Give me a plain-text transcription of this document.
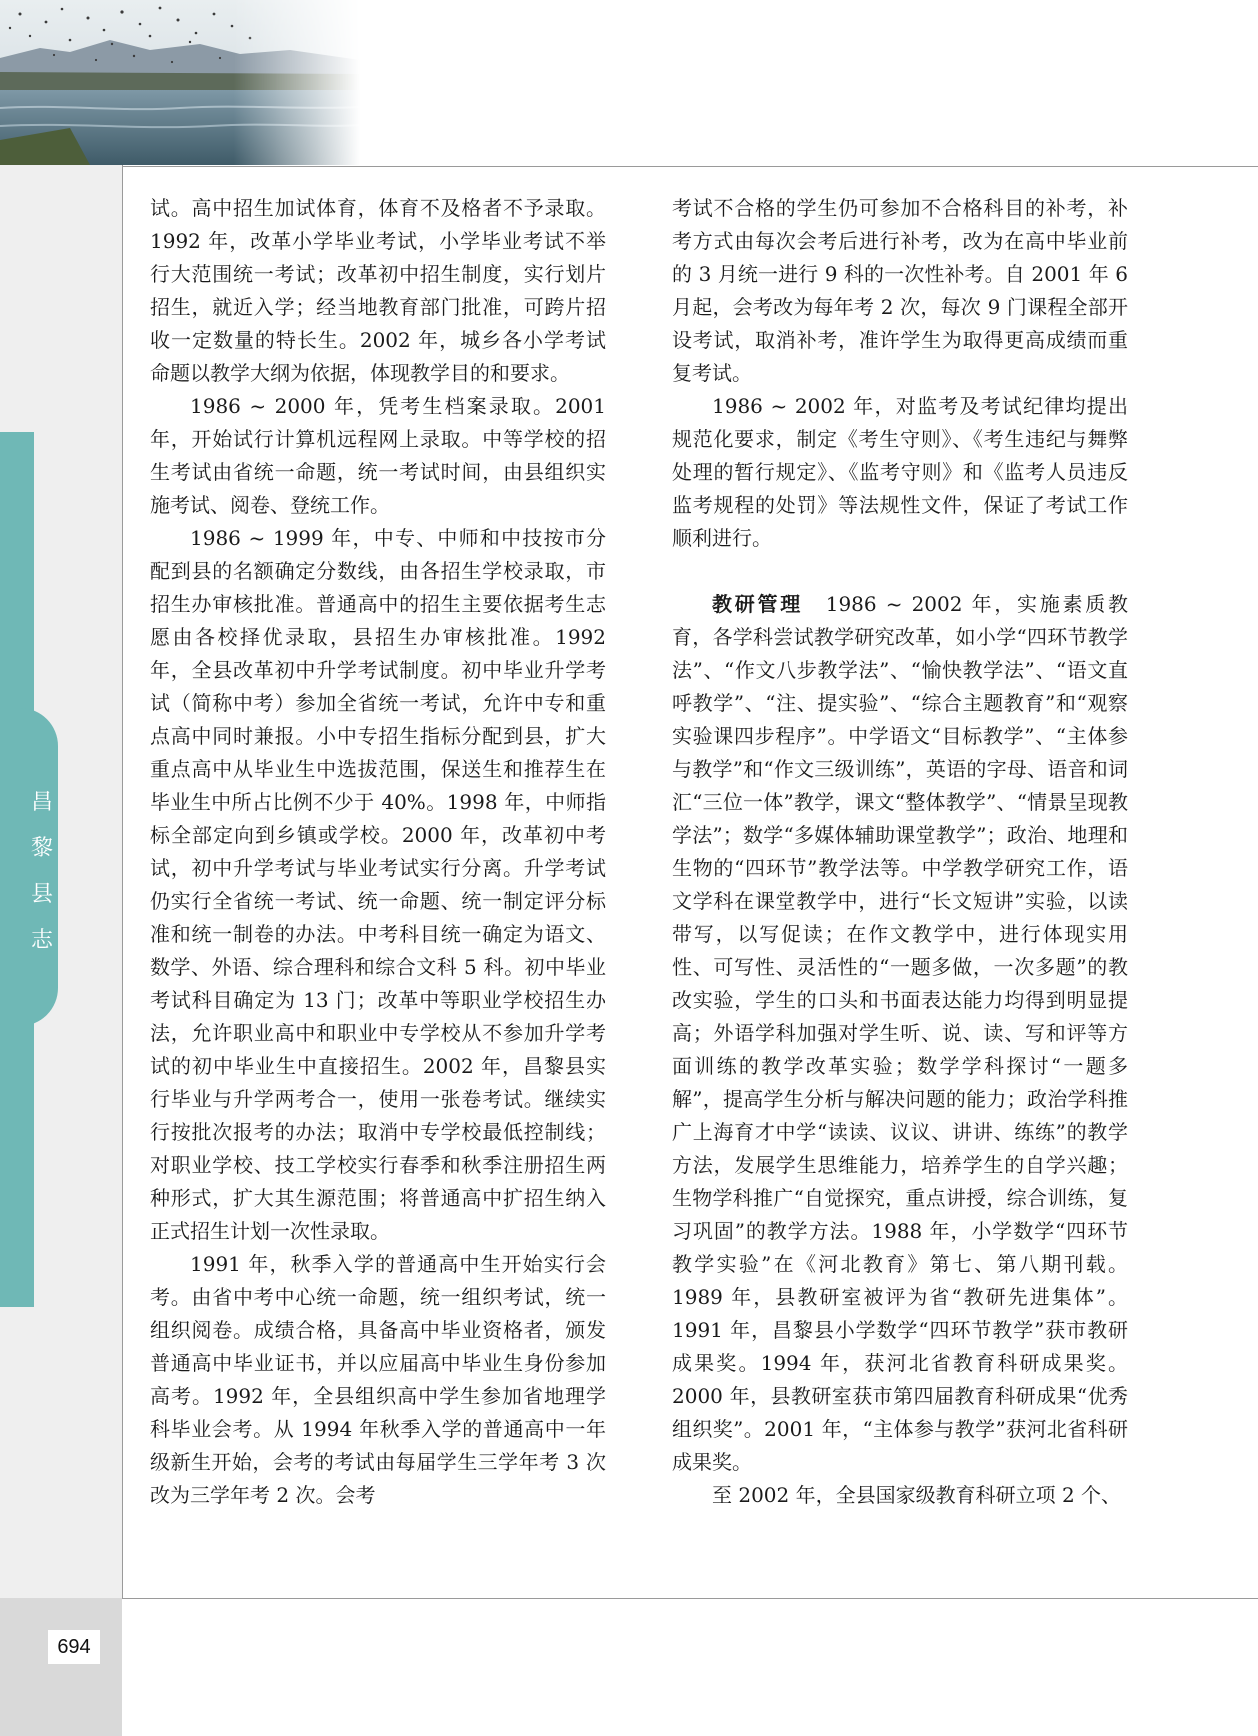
昌
黎
县
志
694

试。高中招生加试体育，体育不及格者不予录取。1992 年，改革小学毕业考试，小学毕业考试不举行大范围统一考试；改革初中招生制度，实行划片招生，就近入学；经当地教育部门批准，可跨片招收一定数量的特长生。2002 年，城乡各小学考试命题以教学大纲为依据，体现教学目的和要求。

1986 ~ 2000 年，凭考生档案录取。2001 年，开始试行计算机远程网上录取。中等学校的招生考试由省统一命题，统一考试时间，由县组织实施考试、阅卷、登统工作。

1986 ~ 1999 年，中专、中师和中技按市分配到县的名额确定分数线，由各招生学校录取，市招生办审核批准。普通高中的招生主要依据考生志愿由各校择优录取，县招生办审核批准。1992 年，全县改革初中升学考试制度。初中毕业升学考试（简称中考）参加全省统一考试，允许中专和重点高中同时兼报。小中专招生指标分配到县，扩大重点高中从毕业生中选拔范围，保送生和推荐生在毕业生中所占比例不少于 40%。1998 年，中师指标全部定向到乡镇或学校。2000 年，改革初中考试，初中升学考试与毕业考试实行分离。升学考试仍实行全省统一考试、统一命题、统一制定评分标准和统一制卷的办法。中考科目统一确定为语文、数学、外语、综合理科和综合文科 5 科。初中毕业考试科目确定为 13 门；改革中等职业学校招生办法，允许职业高中和职业中专学校从不参加升学考试的初中毕业生中直接招生。2002 年，昌黎县实行毕业与升学两考合一，使用一张卷考试。继续实行按批次报考的办法；取消中专学校最低控制线；对职业学校、技工学校实行春季和秋季注册招生两种形式，扩大其生源范围；将普通高中扩招生纳入正式招生计划一次性录取。

1991 年，秋季入学的普通高中生开始实行会考。由省中考中心统一命题，统一组织考试，统一组织阅卷。成绩合格，具备高中毕业资格者，颁发普通高中毕业证书，并以应届高中毕业生身份参加高考。1992 年，全县组织高中学生参加省地理学科毕业会考。从 1994 年秋季入学的普通高中一年级新生开始，会考的考试由每届学生三学年考 3 次改为三学年考 2 次。会考

考试不合格的学生仍可参加不合格科目的补考，补考方式由每次会考后进行补考，改为在高中毕业前的 3 月统一进行 9 科的一次性补考。自 2001 年 6 月起，会考改为每年考 2 次，每次 9 门课程全部开设考试，取消补考，准许学生为取得更高成绩而重复考试。

1986 ~ 2002 年，对监考及考试纪律均提出规范化要求，制定《考生守则》、《考生违纪与舞弊处理的暂行规定》、《监考守则》和《监考人员违反监考规程的处罚》等法规性文件，保证了考试工作顺利进行。

教研管理　 1986 ~ 2002 年，实施素质教育，各学科尝试教学研究改革，如小学“四环节教学法”、“作文八步教学法”、“愉快教学法”、“语文直呼教学”、“注、提实验”、“综合主题教育”和“观察实验课四步程序”。中学语文“目标教学”、“主体参与教学”和“作文三级训练”，英语的字母、语音和词汇“三位一体”教学，课文“整体教学”、“情景呈现教学法”；数学“多媒体辅助课堂教学”；政治、地理和生物的“四环节”教学法等。中学教学研究工作，语文学科在课堂教学中，进行“长文短讲”实验，以读带写，以写促读；在作文教学中，进行体现实用性、可写性、灵活性的“一题多做，一次多题”的教改实验，学生的口头和书面表达能力均得到明显提高；外语学科加强对学生听、说、读、写和评等方面训练的教学改革实验；数学学科探讨“一题多解”，提高学生分析与解决问题的能力；政治学科推广上海育才中学“读读、议议、讲讲、练练”的教学方法，发展学生思维能力，培养学生的自学兴趣；生物学科推广“自觉探究，重点讲授，综合训练，复习巩固”的教学方法。1988 年，小学数学“四环节教学实验”在《河北教育》第七、第八期刊载。1989 年，县教研室被评为省“教研先进集体”。1991 年，昌黎县小学数学“四环节教学”获市教研成果奖。1994 年，获河北省教育科研成果奖。2000 年，县教研室获市第四届教育科研成果“优秀组织奖”。2001 年，“主体参与教学”获河北省科研成果奖。

至 2002 年，全县国家级教育科研立项 2 个、
